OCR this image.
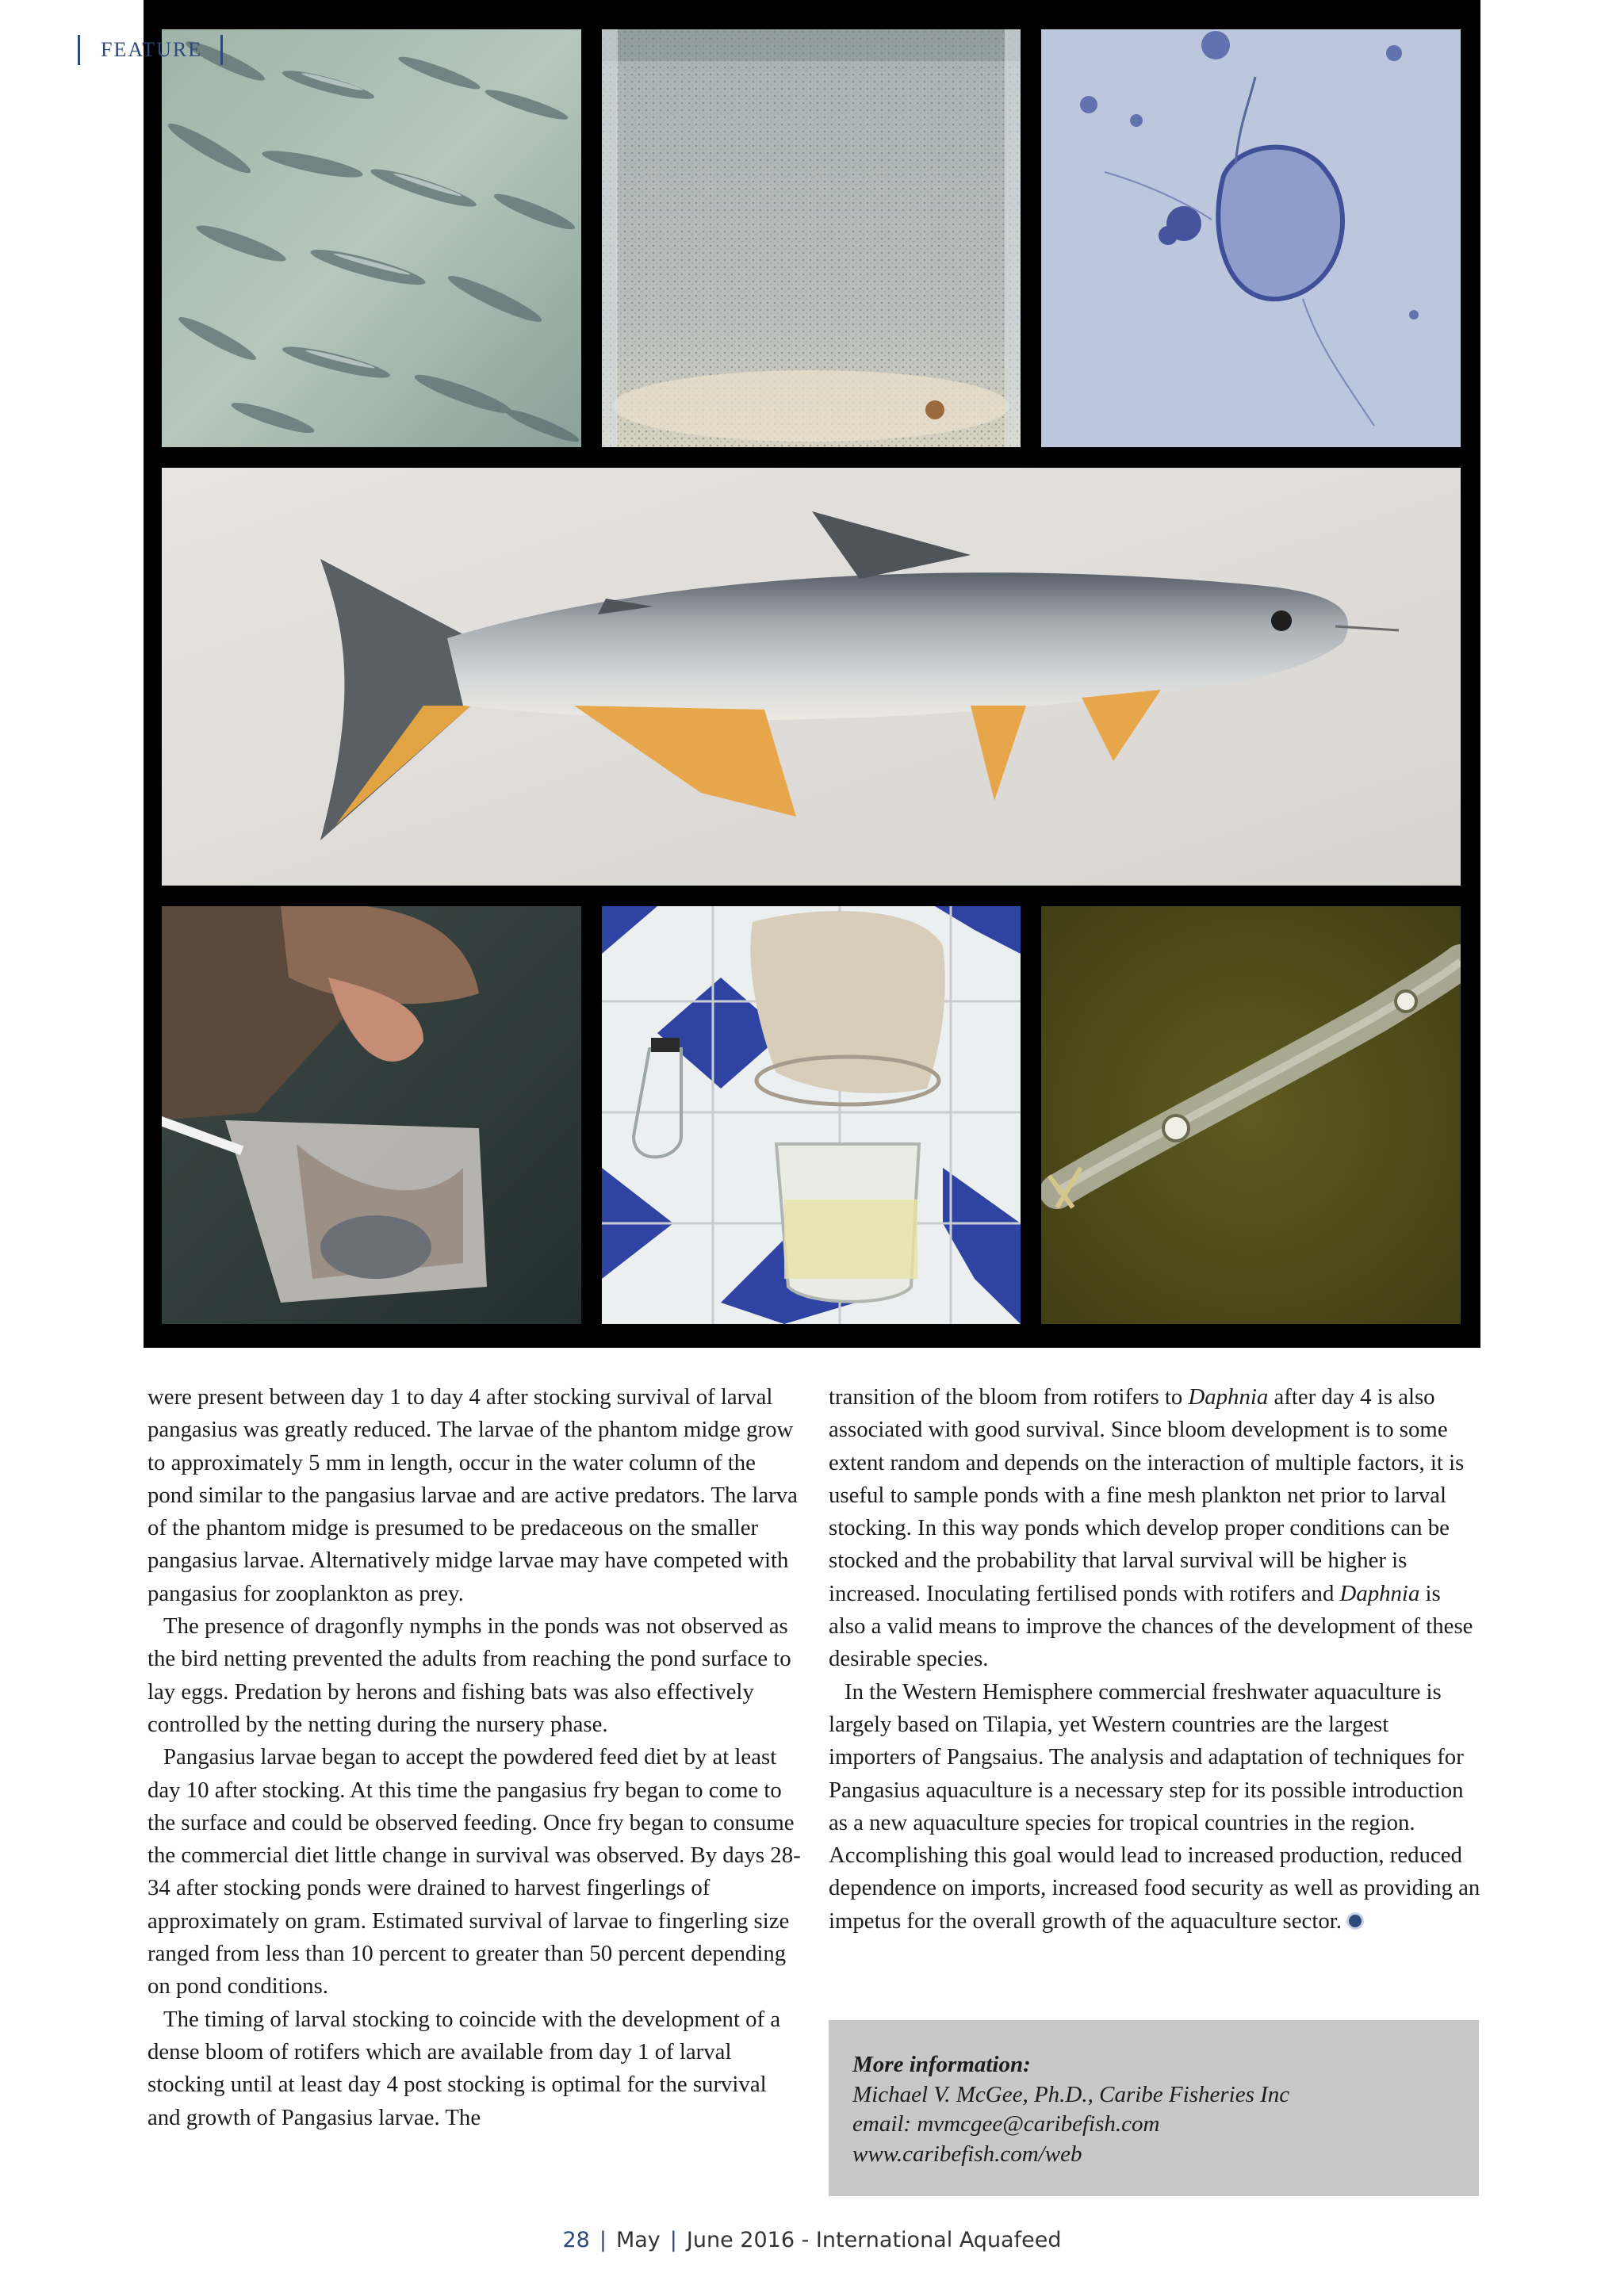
FEATURE

were present between day 1 to day 4 after stocking survival of larval pangasius was greatly reduced. The larvae of the phantom midge grow to approximately 5 mm in length, occur in the water column of the pond similar to the pangasius larvae and are active predators. The larva of the phantom midge is presumed to be predaceous on the smaller pangasius larvae. Alternatively midge larvae may have competed with pangasius for zooplankton as prey.

The presence of dragonfly nymphs in the ponds was not observed as the bird netting prevented the adults from reaching the pond surface to lay eggs. Predation by herons and fishing bats was also effectively controlled by the netting during the nursery phase.

Pangasius larvae began to accept the powdered feed diet by at least day 10 after stocking. At this time the pangasius fry began to come to the surface and could be observed feeding. Once fry began to consume the commercial diet little change in survival was observed. By days 28-34 after stocking ponds were drained to harvest fingerlings of approximately on gram. Estimated survival of larvae to fingerling size ranged from less than 10 percent to greater than 50 percent depending on pond conditions.

The timing of larval stocking to coincide with the development of a dense bloom of rotifers which are available from day 1 of larval stocking until at least day 4 post stocking is optimal for the survival and growth of Pangasius larvae. The

transition of the bloom from rotifers to Daphnia after day 4 is also associated with good survival. Since bloom development is to some extent random and depends on the interaction of multiple factors, it is useful to sample ponds with a fine mesh plankton net prior to larval stocking. In this way ponds which develop proper conditions can be stocked and the probability that larval survival will be higher is increased. Inoculating fertilised ponds with rotifers and Daphnia is also a valid means to improve the chances of the development of these desirable species.

In the Western Hemisphere commercial freshwater aquaculture is largely based on Tilapia, yet Western countries are the largest importers of Pangsaius. The analysis and adaptation of techniques for Pangasius aquaculture is a necessary step for its possible introduction as a new aquaculture species for tropical countries in the region. Accomplishing this goal would lead to increased production, reduced dependence on imports, increased food security as well as providing an impetus for the overall growth of the aquaculture sector.

More information:
Michael V. McGee, Ph.D., Caribe Fisheries Inc
email: mvmcgee@caribefish.com
www.caribefish.com/web
28 | May | June 2016 - International Aquafeed
